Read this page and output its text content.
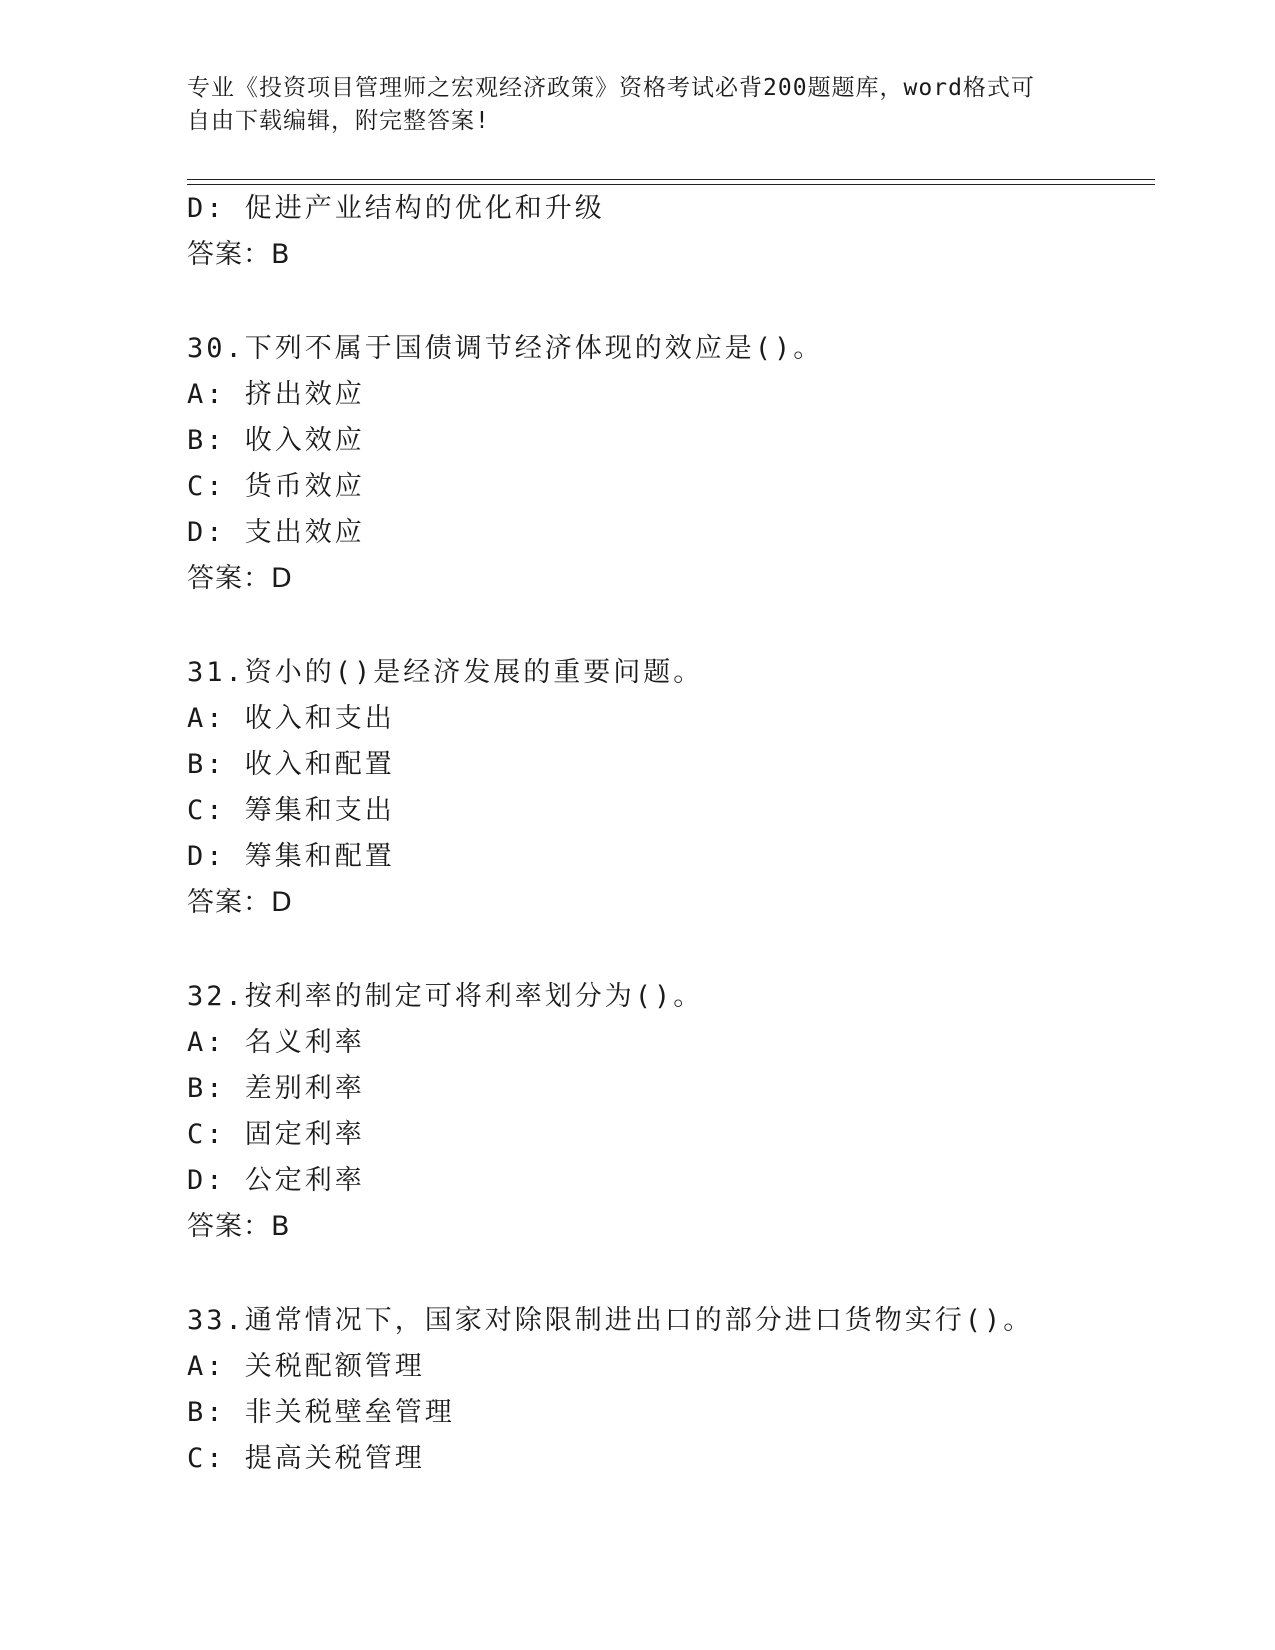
专业《投资项目管理师之宏观经济政策》资格考试必背200题题库，word格式可
自由下载编辑，附完整答案!
D: 促进产业结构的优化和升级
答案：B
30.下列不属于国债调节经济体现的效应是()。
A: 挤出效应
B: 收入效应
C: 货币效应
D: 支出效应
答案：D
31.资小的()是经济发展的重要问题。
A: 收入和支出
B: 收入和配置
C: 筹集和支出
D: 筹集和配置
答案：D
32.按利率的制定可将利率划分为()。
A: 名义利率
B: 差别利率
C: 固定利率
D: 公定利率
答案：B
33.通常情况下，国家对除限制进出口的部分进口货物实行()。
A: 关税配额管理
B: 非关税壁垒管理
C: 提高关税管理
